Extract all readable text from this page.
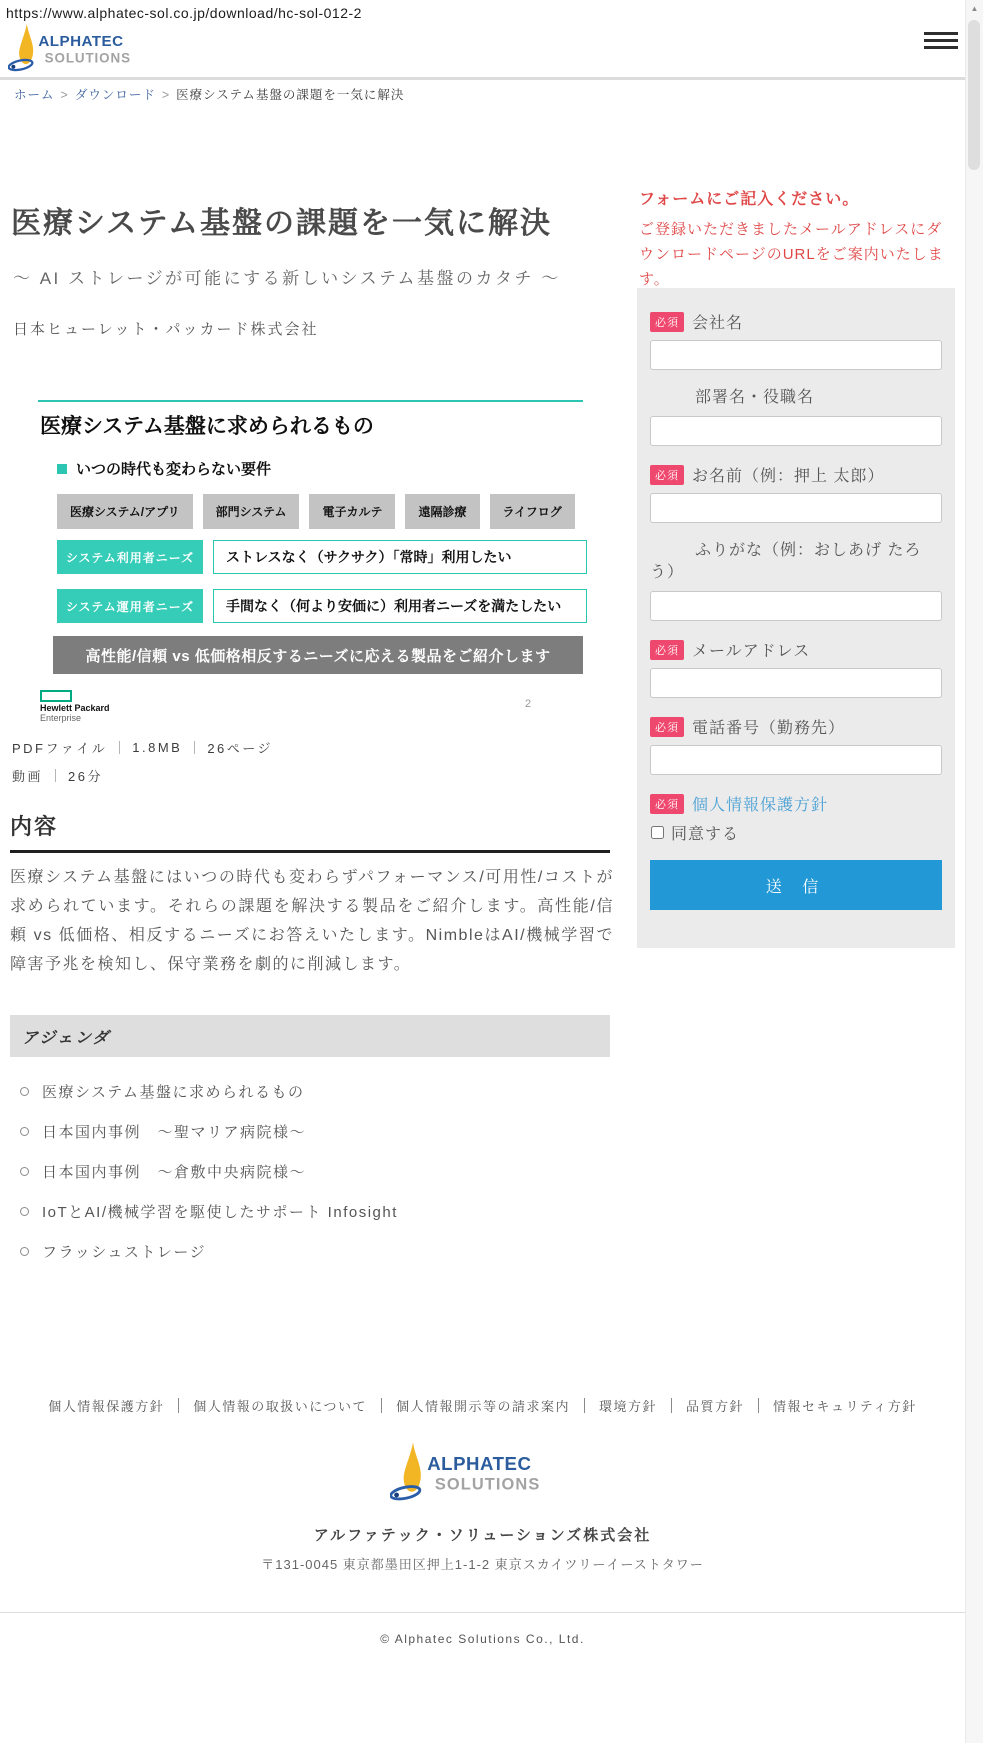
https://www.alphatec-sol.co.jp/download/hc-sol-012-2
ALPHATEC
SOLUTIONS
ホーム > ダウンロード > 医療システム基盤の課題を一気に解決
医療システム基盤の課題を一気に解決
〜 AI ストレージが可能にする新しいシステム基盤のカタチ 〜
日本ヒューレット・パッカード株式会社
医療システム基盤に求められるもの
いつの時代も変わらない要件
医療システム/アプリ	部門システム	電子カルテ	遠隔診療	ライフログ
システム利用者ニーズ	ストレスなく（サクサク）「常時」利用したい
システム運用者ニーズ	手間なく（何より安価に）利用者ニーズを満たしたい
高性能/信頼 vs 低価格相反するニーズに応える製品をご紹介します
Hewlett Packard
Enterprise
2
PDFファイル 1.8MB 26ページ
動画 26分
内容
医療システム基盤にはいつの時代も変わらずパフォーマンス/可用性/コストが求められています。それらの課題を解決する製品をご紹介します。高性能/信頼 vs 低価格、相反するニーズにお答えいたします。NimbleはAI/機械学習で障害予兆を検知し、保守業務を劇的に削減します。
アジェンダ
医療システム基盤に求められるもの
日本国内事例　〜聖マリア病院様〜
日本国内事例　〜倉敷中央病院様〜
IoTとAI/機械学習を駆使したサポート Infosight
フラッシュストレージ
フォームにご記入ください。
ご登録いただきましたメールアドレスにダウンロードページのURLをご案内いたします。
必須 会社名
部署名・役職名
必須 お名前（例：押上 太郎）
ふりがな（例：おしあげ たろう）
必須 メールアドレス
必須 電話番号（勤務先）
必須 個人情報保護方針
同意する
送 信
個人情報保護方針 個人情報の取扱いについて 個人情報開示等の請求案内 環境方針 品質方針 情報セキュリティ方針
ALPHATEC
SOLUTIONS
アルファテック・ソリューションズ株式会社
〒131-0045 東京都墨田区押上1-1-2 東京スカイツリーイーストタワー
© Alphatec Solutions Co., Ltd.
▲
